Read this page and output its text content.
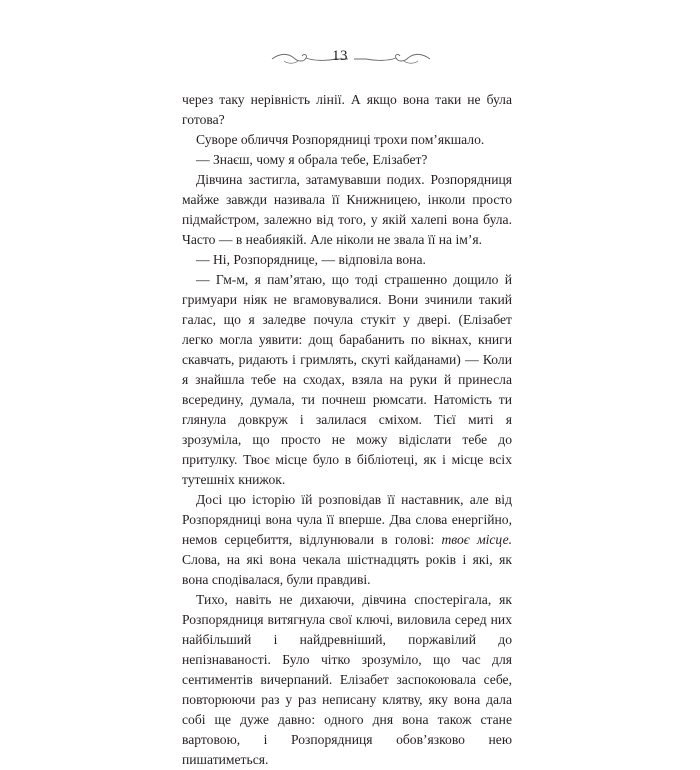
13

через таку нерівність лінії. А якщо вона таки не була готова?

Суворе обличчя Розпорядниці трохи пом’якшало.

— Знаєш, чому я обрала тебе, Елізабет?

Дівчина застигла, затамувавши подих. Розпорядниця майже завжди називала її Книжницею, інколи просто підмайстром, залежно від того, у якій халепі вона була. Часто — в неабиякій. Але ніколи не звала її на ім’я.

— Ні, Розпоряднице, — відповіла вона.

— Гм-м, я пам’ятаю, що тоді страшенно дощило й гримуари ніяк не вгамовувалися. Вони зчинили такий галас, що я заледве почула стукіт у двері. (Елізабет легко могла уявити: дощ барабанить по вікнах, книги скавчать, ридають і гримлять, скуті кайданами) — Коли я знайшла тебе на сходах, взяла на руки й принесла всередину, думала, ти почнеш рюмсати. Натомість ти глянула довкруж і залилася сміхом. Тієї миті я зрозуміла, що просто не можу відіслати тебе до притулку. Твоє місце було в бібліотеці, як і місце всіх тутешніх книжок.

Досі цю історію їй розповідав її наставник, але від Розпорядниці вона чула її вперше. Два слова енергійно, немов серцебиття, відлунювали в голові: твоє місце. Слова, на які вона чекала шістнадцять років і які, як вона сподівалася, були правдиві.

Тихо, навіть не дихаючи, дівчина спостерігала, як Розпорядниця витягнула свої ключі, виловила серед них найбільший і найдревніший, поржавілий до непізнаваності. Було чітко зрозуміло, що час для сентиментів вичерпаний. Елізабет заспокоювала себе, повторюючи раз у раз неписану клятву, яку вона дала собі ще дуже давно: одного дня вона також стане вартовою, і Розпорядниця обов’язково нею пишатиметься.
